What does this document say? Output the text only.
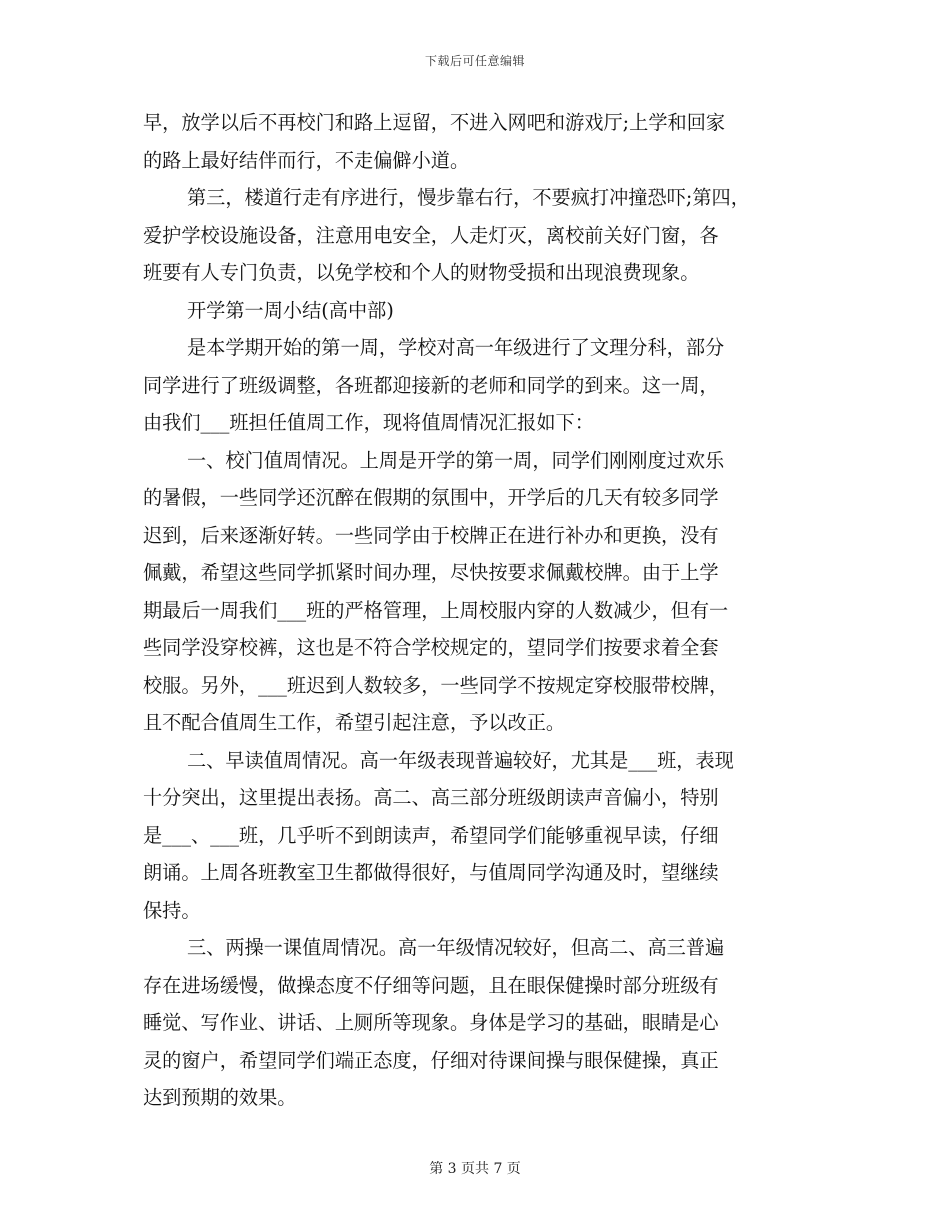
下载后可任意编辑
早，放学以后不再校门和路上逗留，不进入网吧和游戏厅;上学和回家
的路上最好结伴而行，不走偏僻小道。
第三，楼道行走有序进行，慢步靠右行，不要疯打冲撞恐吓;第四，
爱护学校设施设备，注意用电安全，人走灯灭，离校前关好门窗，各
班要有人专门负责，以免学校和个人的财物受损和出现浪费现象。
开学第一周小结(高中部)
是本学期开始的第一周，学校对高一年级进行了文理分科，部分
同学进行了班级调整，各班都迎接新的老师和同学的到来。这一周，
由我们___班担任值周工作，现将值周情况汇报如下：
一、校门值周情况。上周是开学的第一周，同学们刚刚度过欢乐
的暑假，一些同学还沉醉在假期的氛围中，开学后的几天有较多同学
迟到，后来逐渐好转。一些同学由于校牌正在进行补办和更换，没有
佩戴，希望这些同学抓紧时间办理，尽快按要求佩戴校牌。由于上学
期最后一周我们___班的严格管理，上周校服内穿的人数减少，但有一
些同学没穿校裤，这也是不符合学校规定的，望同学们按要求着全套
校服。另外，___班迟到人数较多，一些同学不按规定穿校服带校牌，
且不配合值周生工作，希望引起注意，予以改正。
二、早读值周情况。高一年级表现普遍较好，尤其是___班，表现
十分突出，这里提出表扬。高二、高三部分班级朗读声音偏小，特别
是___、___班，几乎听不到朗读声，希望同学们能够重视早读，仔细
朗诵。上周各班教室卫生都做得很好，与值周同学沟通及时，望继续
保持。
三、两操一课值周情况。高一年级情况较好，但高二、高三普遍
存在进场缓慢，做操态度不仔细等问题，且在眼保健操时部分班级有
睡觉、写作业、讲话、上厕所等现象。身体是学习的基础，眼睛是心
灵的窗户，希望同学们端正态度，仔细对待课间操与眼保健操，真正
达到预期的效果。
第 3 页共 7 页
